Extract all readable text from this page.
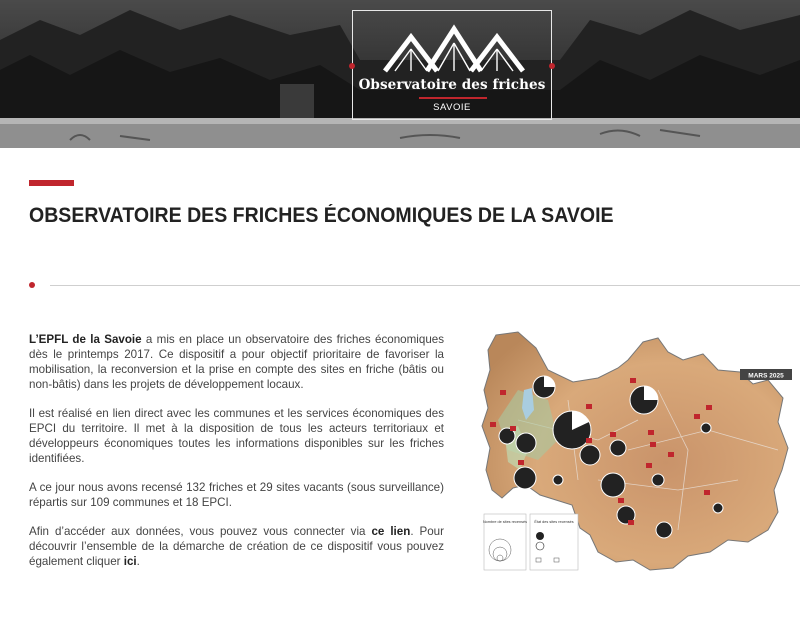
Observatoire des friches
SAVOIE
OBSERVATOIRE DES FRICHES ÉCONOMIQUES DE LA SAVOIE

L’EPFL de la Savoie a mis en place un observatoire des friches économiques dès le printemps 2017. Ce dispositif a pour objectif prioritaire de favoriser la mobilisation, la reconversion et la prise en compte des sites en friche (bâtis ou non-bâtis) dans les projets de développement locaux.

Il est réalisé en lien direct avec les communes et les services économiques des EPCI du territoire. Il met à la disposition de tous les acteurs territoriaux et développeurs économiques toutes les informations disponibles sur les friches identifiées.

A ce jour nous avons recensé 132 friches et 29 sites vacants (sous surveillance) répartis sur 109 communes et 18 EPCI.

Afin d’accéder aux données, vous pouvez vous connecter via ce lien. Pour découvrir l’ensemble de la démarche de création de ce dispositif vous pouvez également cliquer ici.

MARS 2025
Nombre de sites recensés État des sites recensés
